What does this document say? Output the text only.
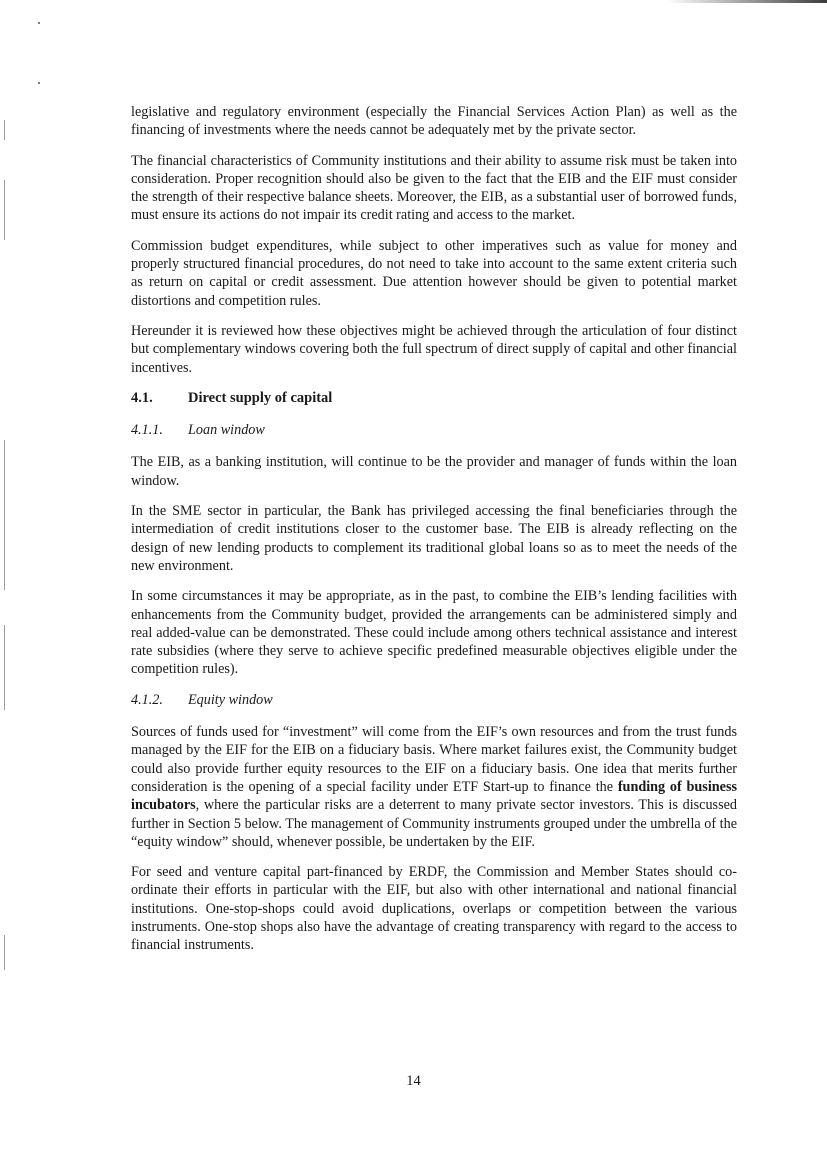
legislative and regulatory environment (especially the Financial Services Action Plan) as well as the financing of investments where the needs cannot be adequately met by the private sector.

The financial characteristics of Community institutions and their ability to assume risk must be taken into consideration. Proper recognition should also be given to the fact that the EIB and the EIF must consider the strength of their respective balance sheets. Moreover, the EIB, as a substantial user of borrowed funds, must ensure its actions do not impair its credit rating and access to the market.

Commission budget expenditures, while subject to other imperatives such as value for money and properly structured financial procedures, do not need to take into account to the same extent criteria such as return on capital or credit assessment. Due attention however should be given to potential market distortions and competition rules.

Hereunder it is reviewed how these objectives might be achieved through the articulation of four distinct but complementary windows covering both the full spectrum of direct supply of capital and other financial incentives.

4.1.	Direct supply of capital
4.1.1.	Loan window

The EIB, as a banking institution, will continue to be the provider and manager of funds within the loan window.

In the SME sector in particular, the Bank has privileged accessing the final beneficiaries through the intermediation of credit institutions closer to the customer base. The EIB is already reflecting on the design of new lending products to complement its traditional global loans so as to meet the needs of the new environment.

In some circumstances it may be appropriate, as in the past, to combine the EIB’s lending facilities with enhancements from the Community budget, provided the arrangements can be administered simply and real added-value can be demonstrated. These could include among others technical assistance and interest rate subsidies (where they serve to achieve specific predefined measurable objectives eligible under the competition rules).

4.1.2.	Equity window

Sources of funds used for “investment” will come from the EIF’s own resources and from the trust funds managed by the EIF for the EIB on a fiduciary basis. Where market failures exist, the Community budget could also provide further equity resources to the EIF on a fiduciary basis. One idea that merits further consideration is the opening of a special facility under ETF Start-up to finance the funding of business incubators, where the particular risks are a deterrent to many private sector investors. This is discussed further in Section 5 below. The management of Community instruments grouped under the umbrella of the “equity window” should, whenever possible, be undertaken by the EIF.

For seed and venture capital part-financed by ERDF, the Commission and Member States should co-ordinate their efforts in particular with the EIF, but also with other international and national financial institutions. One-stop-shops could avoid duplications, overlaps or competition between the various instruments. One-stop shops also have the advantage of creating transparency with regard to the access to financial instruments.

14
